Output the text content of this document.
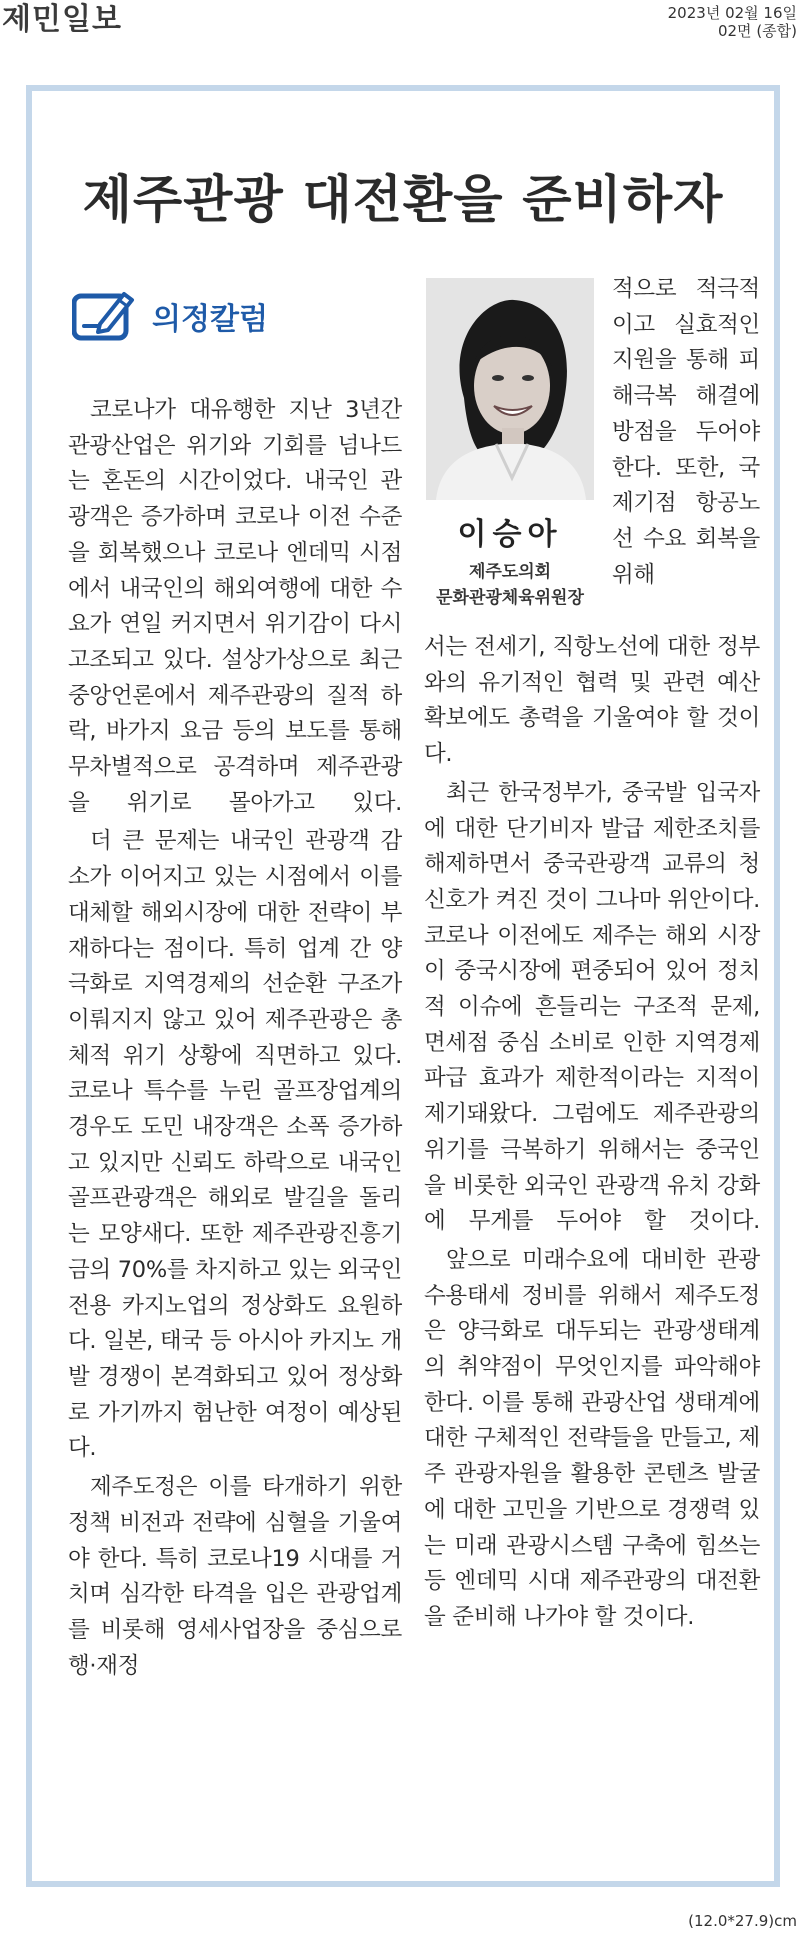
제민일보	2023년 02월 16일
02면 (종합)
제주관광 대전환을 준비하자
의정칼럼

코로나가 대유행한 지난 3년간 관광산업은 위기와 기회를 넘나드는 혼돈의 시간이었다. 내국인 관광객은 증가하며 코로나 이전 수준을 회복했으나 코로나 엔데믹 시점에서 내국인의 해외여행에 대한 수요가 연일 커지면서 위기감이 다시 고조되고 있다. 설상가상으로 최근 중앙언론에서 제주관광의 질적 하락, 바가지 요금 등의 보도를 통해 무차별적으로 공격하며 제주관광을 위기로 몰아가고 있다.

더 큰 문제는 내국인 관광객 감소가 이어지고 있는 시점에서 이를 대체할 해외시장에 대한 전략이 부재하다는 점이다. 특히 업계 간 양극화로 지역경제의 선순환 구조가 이뤄지지 않고 있어 제주관광은 총체적 위기 상황에 직면하고 있다. 코로나 특수를 누린 골프장업계의 경우도 도민 내장객은 소폭 증가하고 있지만 신뢰도 하락으로 내국인 골프관광객은 해외로 발길을 돌리는 모양새다. 또한 제주관광진흥기금의 70%를 차지하고 있는 외국인 전용 카지노업의 정상화도 요원하다. 일본, 태국 등 아시아 카지노 개발 경쟁이 본격화되고 있어 정상화로 가기까지 험난한 여정이 예상된다.

제주도정은 이를 타개하기 위한 정책 비전과 전략에 심혈을 기울여야 한다. 특히 코로나19 시대를 거치며 심각한 타격을 입은 관광업계를 비롯해 영세사업장을 중심으로 행·재정

이승아
제주도의회
문화관광체육위원장

적으로 적극적이고 실효적인 지원을 통해 피해극복 해결에 방점을 두어야 한다. 또한, 국제기점 항공노선 수요 회복을 위해

서는 전세기, 직항노선에 대한 정부와의 유기적인 협력 및 관련 예산 확보에도 총력을 기울여야 할 것이다.

최근 한국정부가, 중국발 입국자에 대한 단기비자 발급 제한조치를 해제하면서 중국관광객 교류의 청신호가 켜진 것이 그나마 위안이다. 코로나 이전에도 제주는 해외 시장이 중국시장에 편중되어 있어 정치적 이슈에 흔들리는 구조적 문제, 면세점 중심 소비로 인한 지역경제 파급 효과가 제한적이라는 지적이 제기돼왔다. 그럼에도 제주관광의 위기를 극복하기 위해서는 중국인을 비롯한 외국인 관광객 유치 강화에 무게를 두어야 할 것이다.

앞으로 미래수요에 대비한 관광수용태세 정비를 위해서 제주도정은 양극화로 대두되는 관광생태계의 취약점이 무엇인지를 파악해야 한다. 이를 통해 관광산업 생태계에 대한 구체적인 전략들을 만들고, 제주 관광자원을 활용한 콘텐츠 발굴에 대한 고민을 기반으로 경쟁력 있는 미래 관광시스템 구축에 힘쓰는 등 엔데믹 시대 제주관광의 대전환을 준비해 나가야 할 것이다.

(12.0*27.9)cm
